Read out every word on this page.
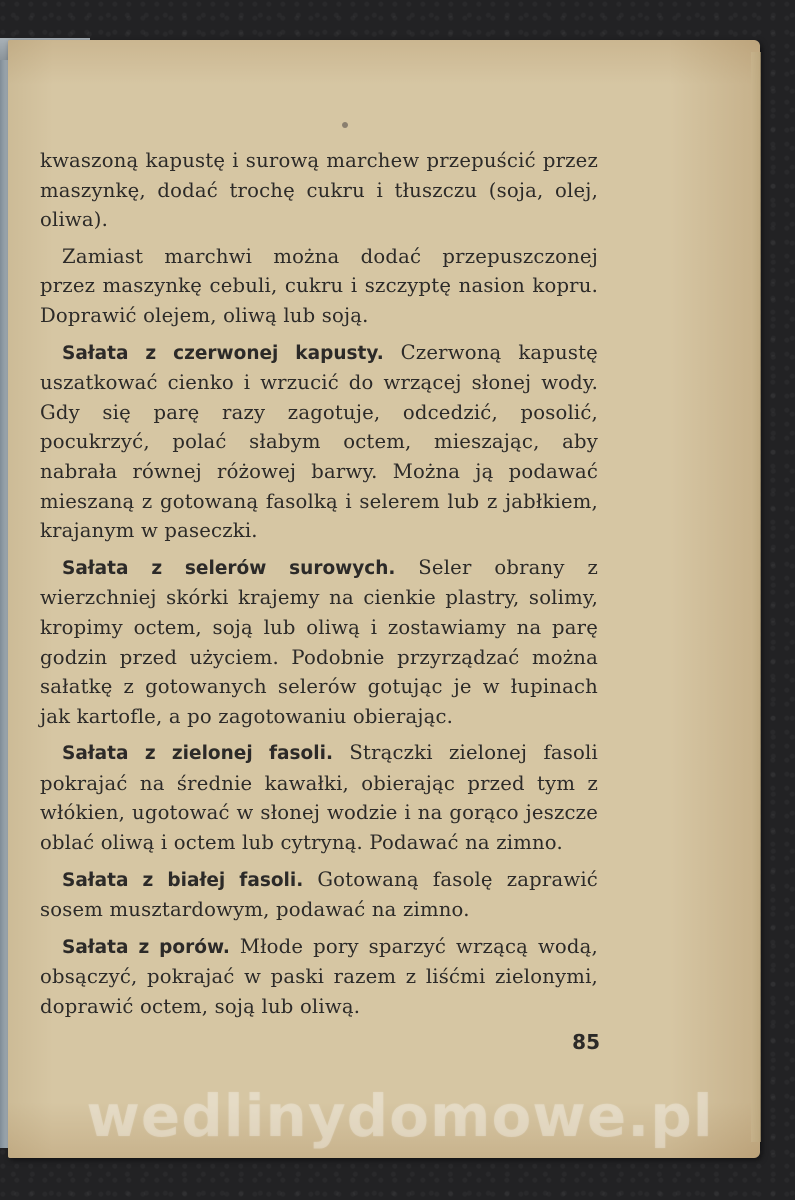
kwaszoną kapustę i surową marchew przepuścić przez maszynkę, dodać trochę cukru i tłuszczu (soja, olej, oliwa).

Zamiast marchwi można dodać przepuszczonej przez maszynkę cebuli, cukru i szczyptę nasion kopru. Doprawić olejem, oliwą lub soją.

Sałata z czerwonej kapusty. Czerwoną kapustę uszatkować cienko i wrzucić do wrzącej słonej wody. Gdy się parę razy zagotuje, odcedzić, posolić, pocukrzyć, polać słabym octem, mieszając, aby nabrała równej różowej barwy. Można ją podawać mieszaną z gotowaną fasolką i selerem lub z jabłkiem, krajanym w paseczki.

Sałata z selerów surowych. Seler obrany z wierzchniej skórki krajemy na cienkie plastry, solimy, kropimy octem, soją lub oliwą i zostawiamy na parę godzin przed użyciem. Podobnie przyrządzać można sałatkę z gotowanych selerów gotując je w łupinach jak kartofle, a po zagotowaniu obierając.

Sałata z zielonej fasoli. Strączki zielonej fasoli pokrajać na średnie kawałki, obierając przed tym z włókien, ugotować w słonej wodzie i na gorąco jeszcze oblać oliwą i octem lub cytryną. Podawać na zimno.

Sałata z białej fasoli. Gotowaną fasolę zaprawić sosem musztardowym, podawać na zimno.

Sałata z porów. Młode pory sparzyć wrzącą wodą, obsączyć, pokrajać w paski razem z liśćmi zielonymi, doprawić octem, soją lub oliwą.

85
wedlinydomowe.pl
